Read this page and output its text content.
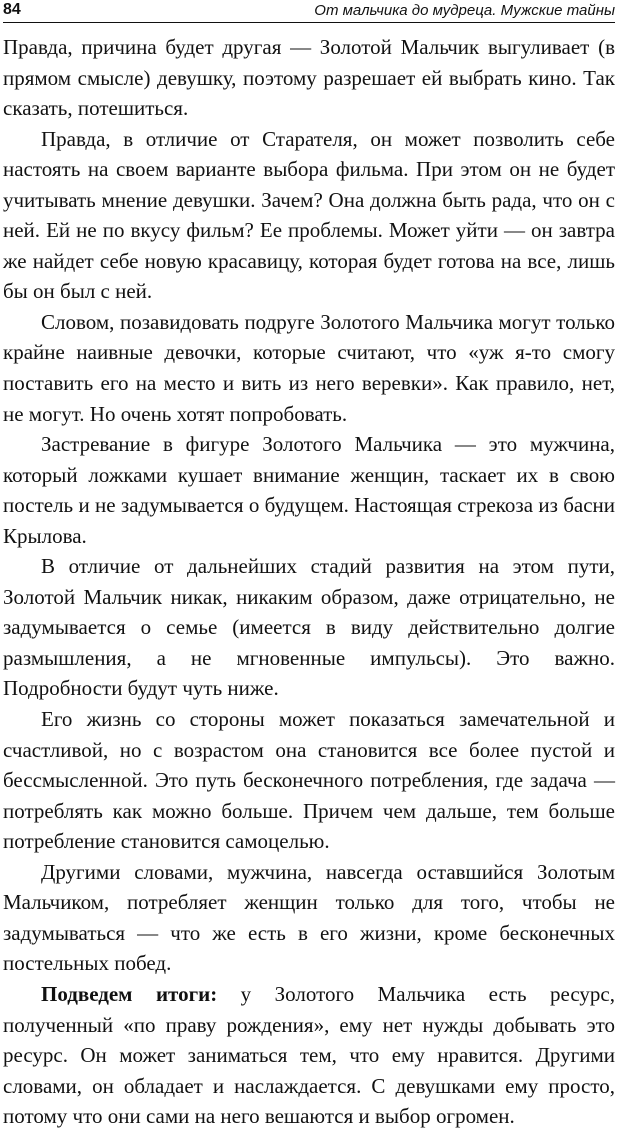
84	От мальчика до мудреца. Мужские тайны

Правда, причина будет другая — Золотой Мальчик выгуливает (в прямом смысле) девушку, поэтому разрешает ей выбрать кино. Так сказать, потешиться.

Правда, в отличие от Старателя, он может позволить себе настоять на своем варианте выбора фильма. При этом он не будет учитывать мнение девушки. Зачем? Она должна быть рада, что он с ней. Ей не по вкусу фильм? Ее проблемы. Может уйти — он завтра же найдет себе новую красавицу, которая будет готова на все, лишь бы он был с ней.

Словом, позавидовать подруге Золотого Мальчика могут только крайне наивные девочки, которые считают, что «уж я-то смогу поставить его на место и вить из него веревки». Как правило, нет, не могут. Но очень хотят попробовать.

Застревание в фигуре Золотого Мальчика — это мужчина, который ложками кушает внимание женщин, таскает их в свою постель и не задумывается о будущем. Настоящая стрекоза из басни Крылова.

В отличие от дальнейших стадий развития на этом пути, Золотой Мальчик никак, никаким образом, даже отрицательно, не задумывается о семье (имеется в виду действительно долгие размышления, а не мгновенные импульсы). Это важно. Подробности будут чуть ниже.

Его жизнь со стороны может показаться замечательной и счастливой, но с возрастом она становится все более пустой и бессмысленной. Это путь бесконечного потребления, где задача — потреблять как можно больше. Причем чем дальше, тем больше потребление становится самоцелью.

Другими словами, мужчина, навсегда оставшийся Золотым Мальчиком, потребляет женщин только для того, чтобы не задумываться — что же есть в его жизни, кроме бесконечных постельных побед.

Подведем итоги: у Золотого Мальчика есть ресурс, полученный «по праву рождения», ему нет нужды добывать это ресурс. Он может заниматься тем, что ему нравится. Другими словами, он обладает и наслаждается. С девушками ему просто, потому что они сами на него вешаются и выбор огромен.
